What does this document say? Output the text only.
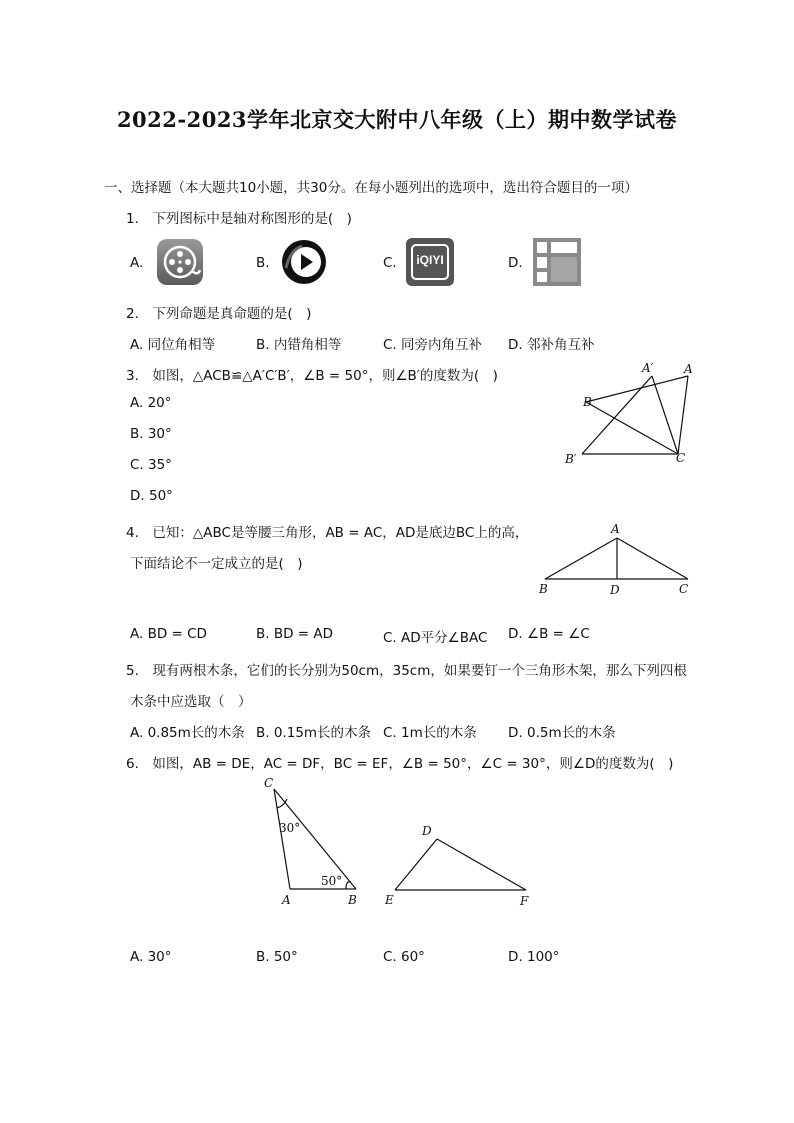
2022-2023学年北京交大附中八年级（上）期中数学试卷
一、选择题（本大题共10小题，共30分。在每小题列出的选项中，选出符合题目的一项）
1.　下列图标中是轴对称图形的是(　)
A.	B.	C.	iQIYI	D.
2.　下列命题是真命题的是(　)
A. 同位角相等	B. 内错角相等	C. 同旁内角互补 D. 邻补角互补
3.　如图，△ACB≌△A′C′B′，∠B = 50°，则∠B′的度数为(　)
A. 20°
B. 30°
C. 35°
D. 50°
A′	A
B
B′	C
4.　已知：△ABC是等腰三角形，AB = AC，AD是底边BC上的高，
下面结论不一定成立的是(　)
A
B	D	C
A. BD = CD	B. BD = AD	C. AD平分∠BAC D. ∠B = ∠C
5.　现有两根木条，它们的长分别为50cm，35cm，如果要钉一个三角形木架，那么下列四根
木条中应选取（　）
A. 0.85m长的木条 B. 0.15m长的木条 C. 1m长的木条 D. 0.5m长的木条
6.　如图，AB = DE，AC = DF，BC = EF，∠B = 50°，∠C = 30°，则∠D的度数为(　)
C
30°
50°
A	B
D
E	F
A. 30°	B. 50°	C. 60°	D. 100°
